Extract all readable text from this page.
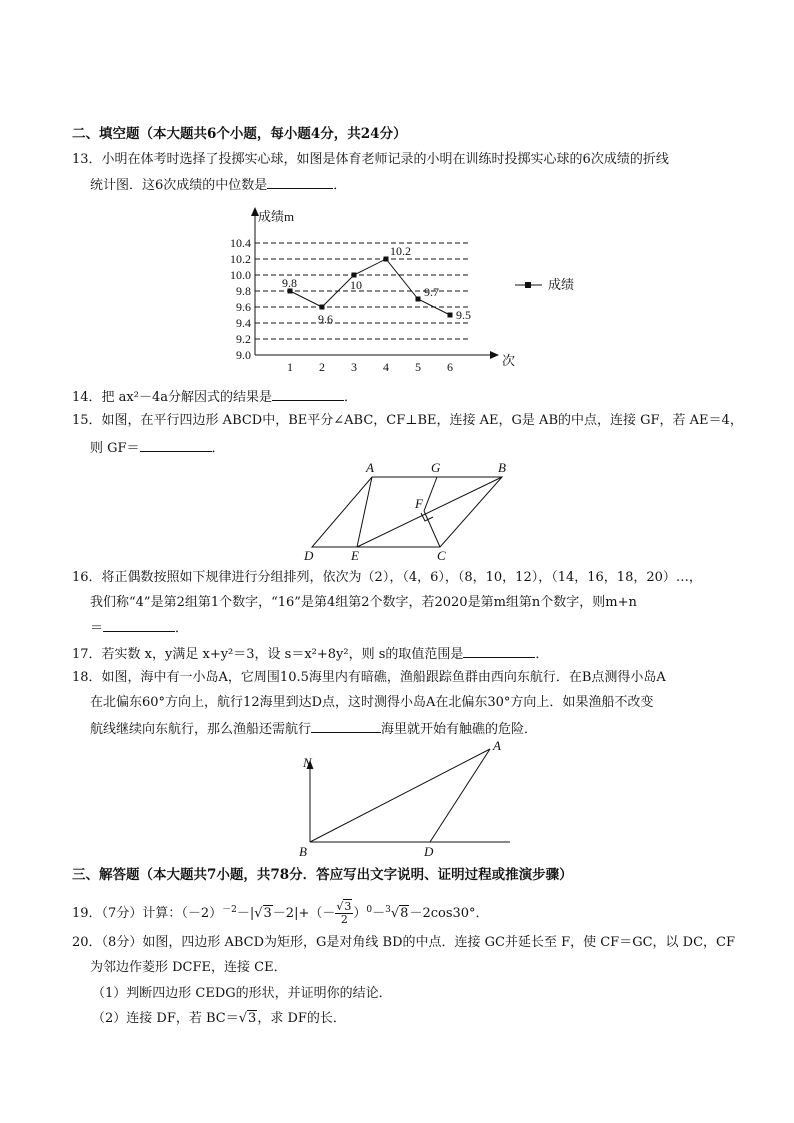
二、填空题（本大题共6个小题，每小题4分，共24分）
13．小明在体考时选择了投掷实心球，如图是体育老师记录的小明在训练时投掷实心球的6次成绩的折线
统计图．这6次成绩的中位数是	．
成绩m
次
9.0
9.2
9.4
9.6
9.8
10.0
10.2
10.4
1 2 3 4 5 6
9.8
9.6
10
10.2
9.7
9.5
成绩
14．把 ax²－4a分解因式的结果是	．
15．如图，在平行四边形 ABCD中，BE平分∠ABC，CF⊥BE，连接 AE，G是 AB的中点，连接 GF，若 AE＝4，
则 GF＝	．
A	G	B
F
D	E	C
16．将正偶数按照如下规律进行分组排列，依次为（2），（4，6），（8，10，12），（14，16，18，20）…，
我们称“4”是第2组第1个数字，“16”是第4组第2个数字，若2020是第m组第n个数字，则m+n
＝	．
17．若实数 x，y满足 x+y²＝3，设 s＝x²+8y²，则 s的取值范围是	．
18．如图，海中有一小岛A，它周围10.5海里内有暗礁，渔船跟踪鱼群由西向东航行．在B点测得小岛A
在北偏东60°方向上，航行12海里到达D点，这时测得小岛A在北偏东30°方向上．如果渔船不改变
航线继续向东航行，那么渔船还需航行	海里就开始有触礁的危险．
N
A
B	D
三、解答题（本大题共7小题，共78分．答应写出文字说明、证明过程或推演步骤）
19．（7分）计算：$(-2)^{-2}-|√3-2|+(- \frac{√3}{2} )^0-^3√8-2\cos 30^\circ$．
20．（8分）如图，四边形 ABCD为矩形，G是对角线 BD的中点．连接 GC并延长至 F，使 CF＝GC，以 DC，CF
为邻边作菱形 DCFE，连接 CE．
（1）判断四边形 CEDG的形状，并证明你的结论．
（2）连接 DF，若 BC＝√3，求 DF的长．
